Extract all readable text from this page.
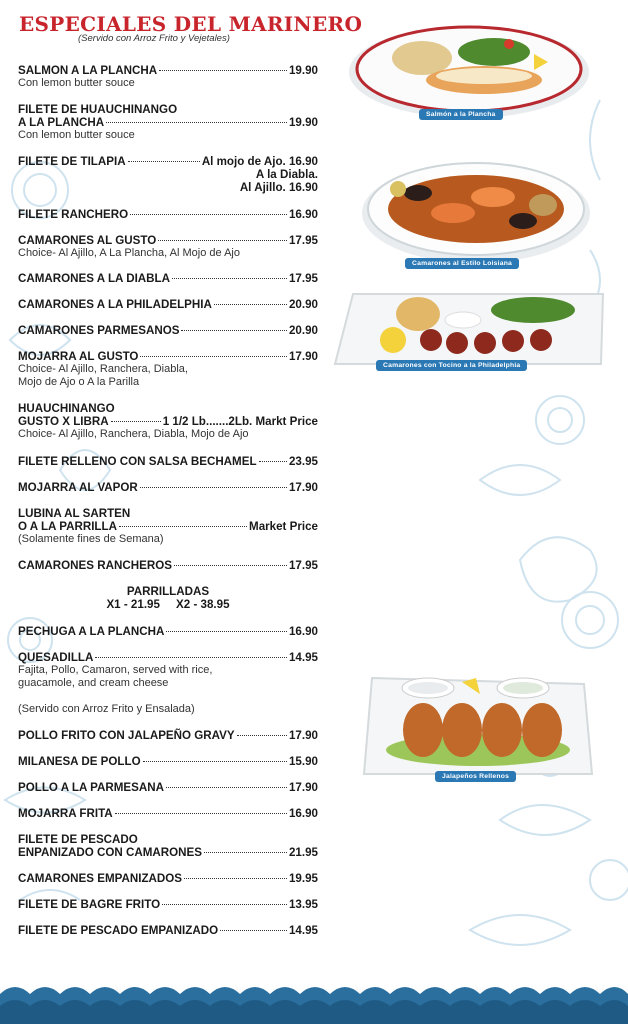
ESPECIALES DEL MARINERO
(Servido con Arroz Frito y Vejetales)
SALMON A LA PLANCHA	19.90
Con lemon butter souce
FILETE DE HUAUCHINANGO
A LA PLANCHA	19.90
Con lemon butter souce
FILETE DE TILAPIA	Al mojo de Ajo. 16.90
A la Diabla.
Al Ajillo. 16.90
FILETE RANCHERO	16.90
CAMARONES AL GUSTO	17.95
Choice- Al Ajillo, A La Plancha, Al Mojo de Ajo
CAMARONES A LA DIABLA	17.95
CAMARONES A LA PHILADELPHIA	20.90
CAMARONES PARMESANOS	20.90
MOJARRA AL GUSTO	17.90
Choice- Al Ajillo, Ranchera, Diabla,
Mojo de Ajo o A la Parilla
HUAUCHINANGO
GUSTO X LIBRA	1 1/2 Lb.......2Lb. Markt Price
Choice- Al Ajillo, Ranchera, Diabla, Mojo de Ajo
FILETE RELLENO CON SALSA BECHAMEL	23.95
MOJARRA AL VAPOR	17.90
LUBINA AL SARTEN
O A LA PARRILLA	Market Price
(Solamente fines de Semana)
CAMARONES RANCHEROS	17.95
PARRILLADAS
X1 - 21.95     X2 - 38.95
PECHUGA A LA PLANCHA	16.90
QUESADILLA	14.95
Fajita, Pollo, Camaron, served with rice,
guacamole, and cream cheese
(Servido con Arroz Frito y Ensalada)
POLLO FRITO CON JALAPEÑO GRAVY	17.90
MILANESA DE POLLO	15.90
POLLO A LA PARMESANA	17.90
MOJARRA FRITA	16.90
FILETE DE PESCADO
ENPANIZADO CON CAMARONES	21.95
CAMARONES EMPANIZADOS	19.95
FILETE DE BAGRE FRITO	13.95
FILETE DE PESCADO EMPANIZADO	14.95
Salmón a la Plancha
Camarones al Estilo Loisiana
Camarones con Tocino a la Philadelphia
Jalapeños Rellenos
